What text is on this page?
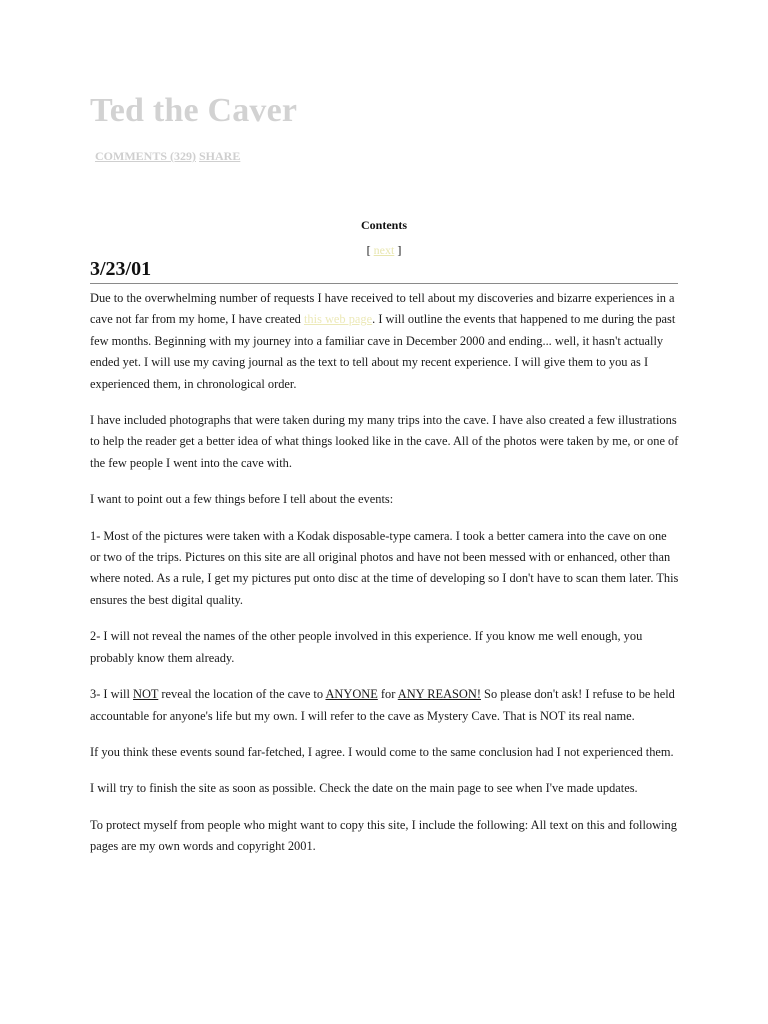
Ted the Caver
COMMENTS (329) SHARE
Contents
[ next ]
3/23/01

Due to the overwhelming number of requests I have received to tell about my discoveries and bizarre experiences in a cave not far from my home, I have created this web page. I will outline the events that happened to me during the past few months. Beginning with my journey into a familiar cave in December 2000 and ending... well, it hasn't actually ended yet. I will use my caving journal as the text to tell about my recent experience. I will give them to you as I experienced them, in chronological order.

I have included photographs that were taken during my many trips into the cave. I have also created a few illustrations to help the reader get a better idea of what things looked like in the cave. All of the photos were taken by me, or one of the few people I went into the cave with.

I want to point out a few things before I tell about the events:

1- Most of the pictures were taken with a Kodak disposable-type camera. I took a better camera into the cave on one or two of the trips. Pictures on this site are all original photos and have not been messed with or enhanced, other than where noted. As a rule, I get my pictures put onto disc at the time of developing so I don't have to scan them later. This ensures the best digital quality.

2- I will not reveal the names of the other people involved in this experience. If you know me well enough, you probably know them already.

3- I will NOT reveal the location of the cave to ANYONE for ANY REASON! So please don't ask! I refuse to be held accountable for anyone's life but my own. I will refer to the cave as Mystery Cave. That is NOT its real name.

If you think these events sound far-fetched, I agree. I would come to the same conclusion had I not experienced them.

I will try to finish the site as soon as possible. Check the date on the main page to see when I've made updates.

To protect myself from people who might want to copy this site, I include the following: All text on this and following pages are my own words and copyright 2001.
